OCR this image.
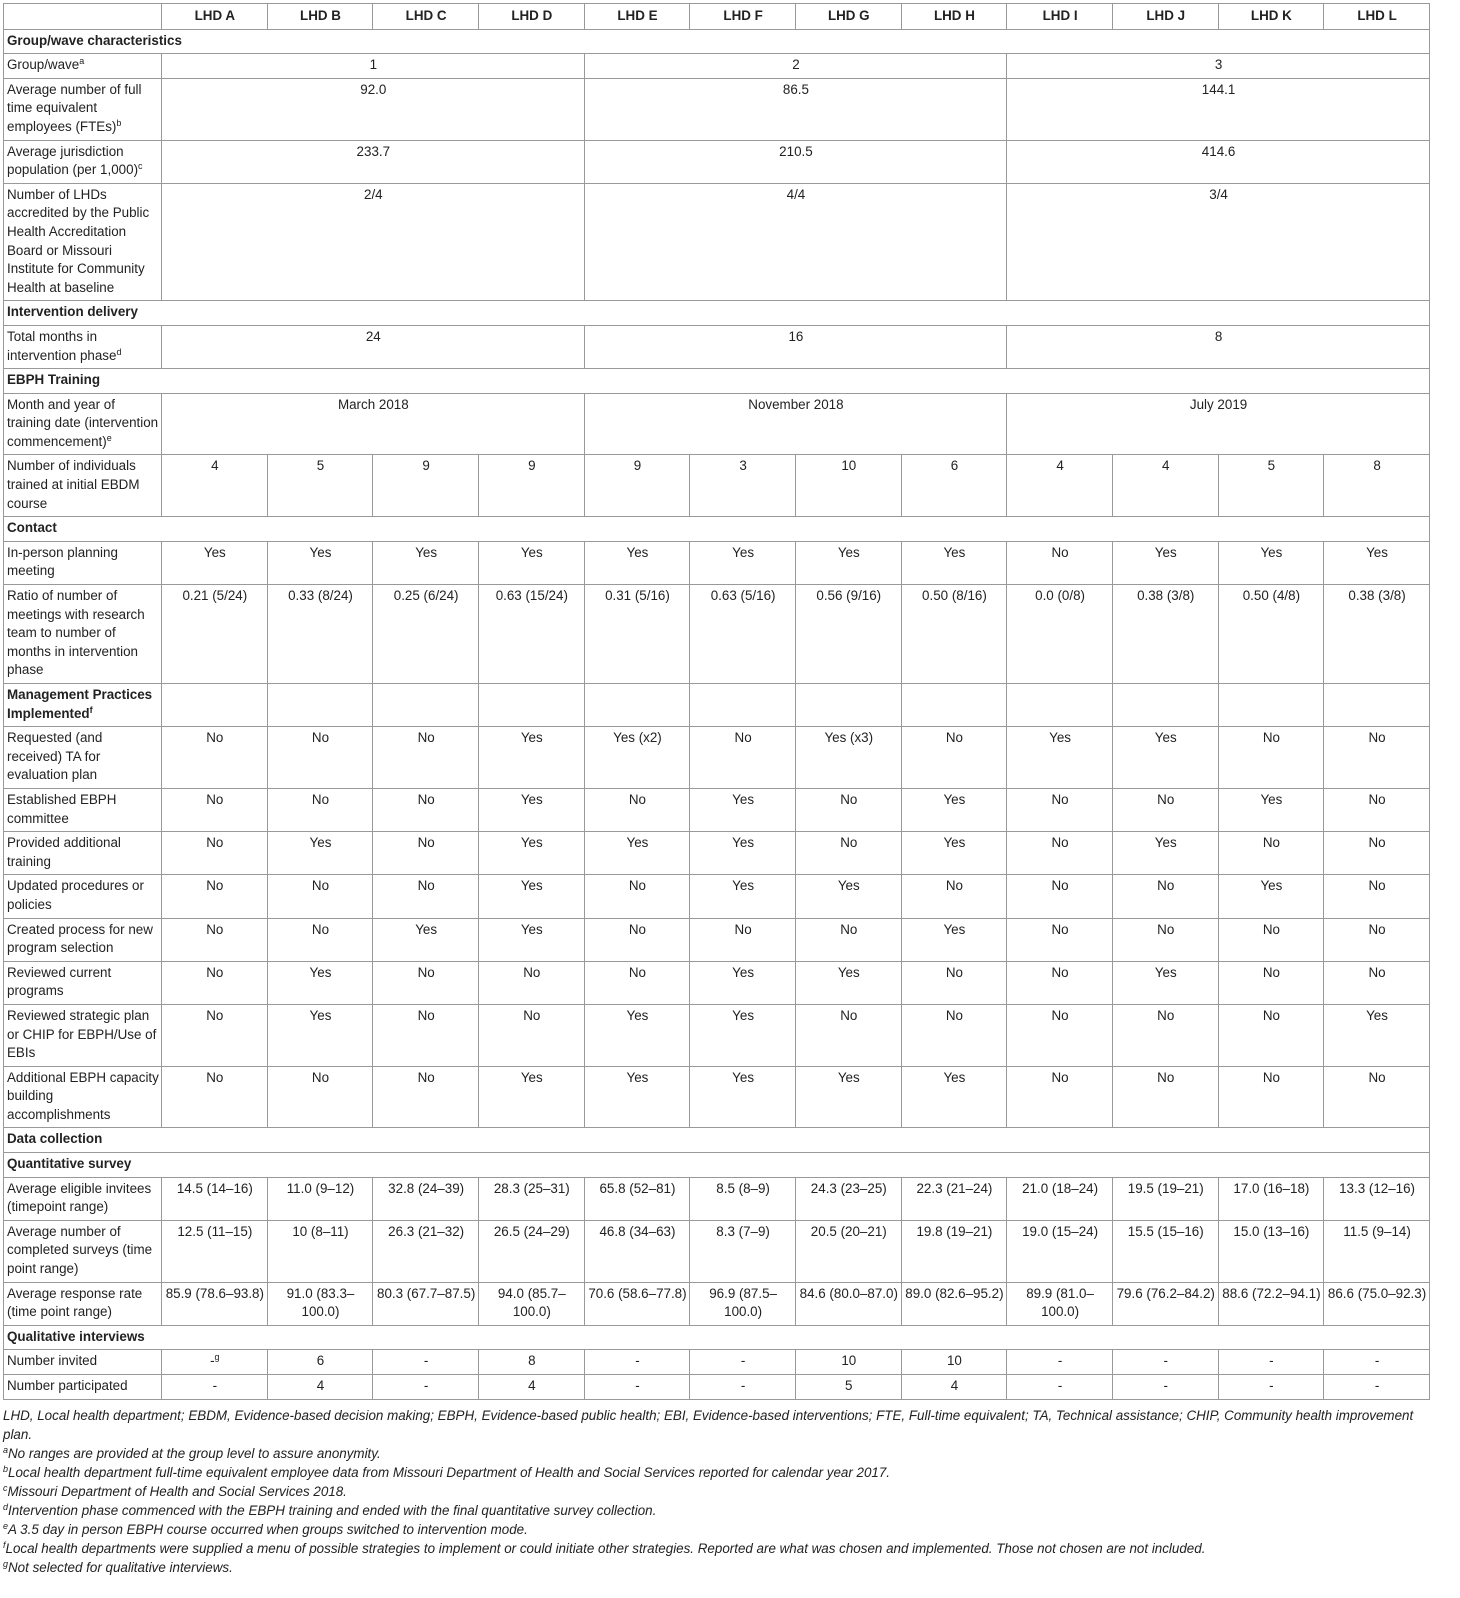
	LHD A	LHD B	LHD C	LHD D	LHD E	LHD F	LHD G	LHD H	LHD I	LHD J	LHD K	LHD L
Group/wave characteristics												
Group/wave$^a$	1				2				3			
Average number of full time equivalent employees (FTEs)$^b$	92.0				86.5				144.1			
Average jurisdiction population (per 1,000)$^c$	233.7				210.5				414.6			
Number of LHDs accredited by the Public Health Accreditation Board or Missouri Institute for Community Health at baseline	2/4				4/4				3/4			
Intervention delivery												
Total months in intervention phase$^d$	24				16				8			
EBPH Training												
Month and year of training date (intervention commencement)$^e$	March 2018				November 2018				July 2019			
Number of individuals trained at initial EBDM course	4	5	9	9	9	3	10	6	4	4	5	8
Contact												
In-person planning meeting	Yes	Yes	Yes	Yes	Yes	Yes	Yes	Yes	No	Yes	Yes	Yes
Ratio of number of meetings with research team to number of months in intervention phase	0.21 (5/24)	0.33 (8/24)	0.25 (6/24)	0.63 (15/24)	0.31 (5/16)	0.63 (5/16)	0.56 (9/16)	0.50 (8/16)	0.0 (0/8)	0.38 (3/8)	0.50 (4/8)	0.38 (3/8)
Management Practices Implemented$^f$												
Requested (and received) TA for evaluation plan	No	No	No	Yes	Yes (x2)	No	Yes (x3)	No	Yes	Yes	No	No
Established EBPH committee	No	No	No	Yes	No	Yes	No	Yes	No	No	Yes	No
Provided additional training	No	Yes	No	Yes	Yes	Yes	No	Yes	No	Yes	No	No
Updated procedures or policies	No	No	No	Yes	No	Yes	Yes	No	No	No	Yes	No
Created process for new program selection	No	No	Yes	Yes	No	No	No	Yes	No	No	No	No
Reviewed current programs	No	Yes	No	No	No	Yes	Yes	No	No	Yes	No	No
Reviewed strategic plan or CHIP for EBPH/Use of EBIs	No	Yes	No	No	Yes	Yes	No	No	No	No	No	Yes
Additional EBPH capacity building accomplishments	No	No	No	Yes	Yes	Yes	Yes	Yes	No	No	No	No
Data collection												
Quantitative survey												
Average eligible invitees (timepoint range)	14.5 (14–16)	11.0 (9–12)	32.8 (24–39)	28.3 (25–31)	65.8 (52–81)	8.5 (8–9)	24.3 (23–25)	22.3 (21–24)	21.0 (18–24)	19.5 (19–21)	17.0 (16–18)	13.3 (12–16)
Average number of completed surveys (time point range)	12.5 (11–15)	10 (8–11)	26.3 (21–32)	26.5 (24–29)	46.8 (34–63)	8.3 (7–9)	20.5 (20–21)	19.8 (19–21)	19.0 (15–24)	15.5 (15–16)	15.0 (13–16)	11.5 (9–14)
Average response rate (time point range)	85.9 (78.6–93.8)	91.0 (83.3–100.0)	80.3 (67.7–87.5)	94.0 (85.7–100.0)	70.6 (58.6–77.8)	96.9 (87.5–100.0)	84.6 (80.0–87.0)	89.0 (82.6–95.2)	89.9 (81.0–100.0)	79.6 (76.2–84.2)	88.6 (72.2–94.1)	86.6 (75.0–92.3)
Qualitative interviews												
Number invited	-$^g$	6	-	8	-	-	10	10	-	-	-	-
Number participated	-	4	-	4	-	-	5	4	-	-	-	-
LHD, Local health department; EBDM, Evidence-based decision making; EBPH, Evidence-based public health; EBI, Evidence-based interventions; FTE, Full-time equivalent; TA, Technical assistance; CHIP, Community health improvement plan.
$^a$No ranges are provided at the group level to assure anonymity.
$^b$Local health department full-time equivalent employee data from Missouri Department of Health and Social Services reported for calendar year 2017.
$^c$Missouri Department of Health and Social Services 2018.
$^d$Intervention phase commenced with the EBPH training and ended with the final quantitative survey collection.
$^e$A 3.5 day in person EBPH course occurred when groups switched to intervention mode.
$^f$Local health departments were supplied a menu of possible strategies to implement or could initiate other strategies. Reported are what was chosen and implemented. Those not chosen are not included.
$^g$Not selected for qualitative interviews.
